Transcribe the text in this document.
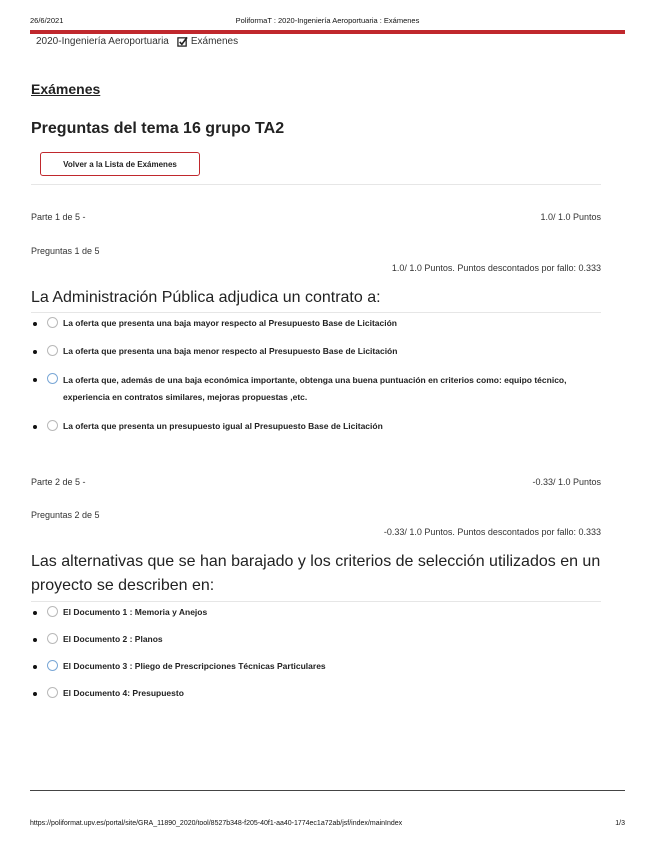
26/6/2021	PoliformaT : 2020-Ingeniería Aeroportuaria : Exámenes
2020-Ingeniería Aeroportuaria Exámenes
Exámenes
Preguntas del tema 16 grupo TA2
Volver a la Lista de Exámenes
Parte 1 de 5 -	1.0/ 1.0 Puntos
Preguntas 1 de 5
1.0/ 1.0 Puntos. Puntos descontados por fallo: 0.333
La Administración Pública adjudica un contrato a:
La oferta que presenta una baja mayor respecto al Presupuesto Base de Licitación
La oferta que presenta una baja menor respecto al Presupuesto Base de Licitación
La oferta que, además de una baja económica importante, obtenga una buena puntuación en criterios como: equipo técnico, experiencia en contratos similares, mejoras propuestas ,etc.
La oferta que presenta un presupuesto igual al Presupuesto Base de Licitación
Parte 2 de 5 -	-0.33/ 1.0 Puntos
Preguntas 2 de 5
-0.33/ 1.0 Puntos. Puntos descontados por fallo: 0.333
Las alternativas que se han barajado y los criterios de selección utilizados en un proyecto se describen en:
El Documento 1 : Memoria y Anejos
El Documento 2 : Planos
El Documento 3 : Pliego de Prescripciones Técnicas Particulares
El Documento 4: Presupuesto
https://poliformat.upv.es/portal/site/GRA_11890_2020/tool/8527b348-f205-40f1-aa40-1774ec1a72ab/jsf/index/mainIndex	1/3
